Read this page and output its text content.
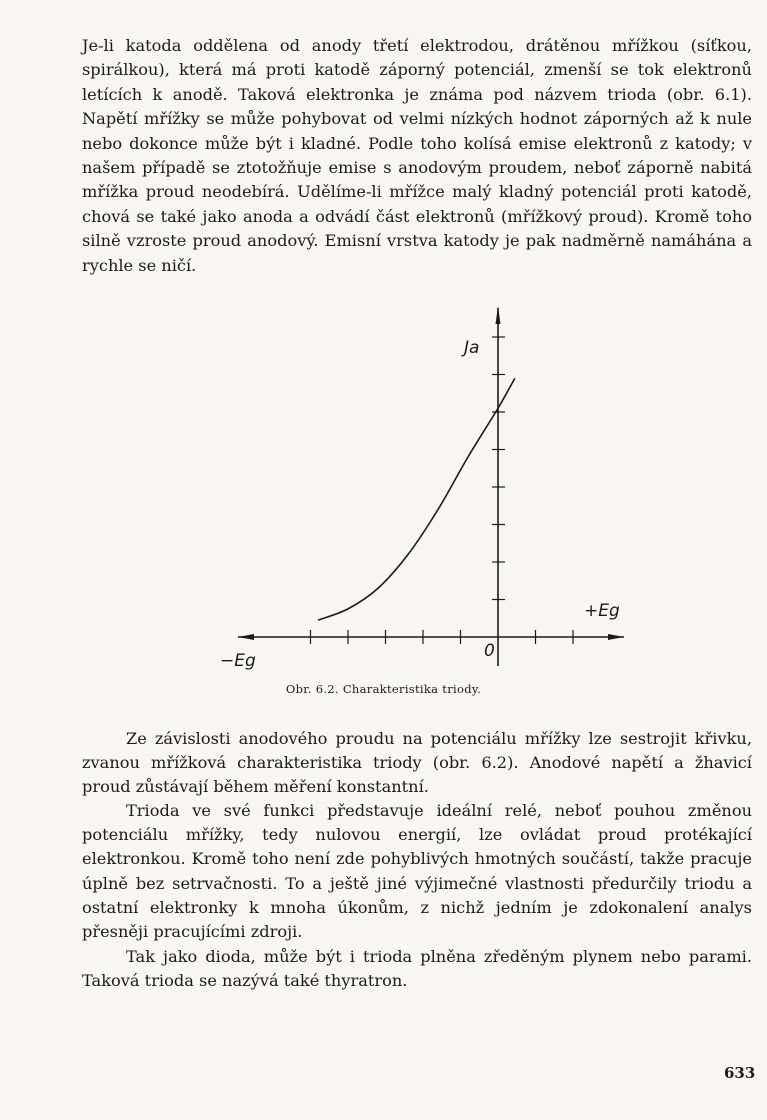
Je-li katoda oddělena od anody třetí elektrodou, drátěnou mřížkou (síťkou, spirálkou), která má proti katodě záporný potenciál, zmenší se tok elektronů letících k anodě. Taková elektronka je známa pod názvem trioda (obr. 6.1). Napětí mřížky se může pohybovat od velmi nízkých hodnot záporných až k nule nebo dokonce může být i kladné. Podle toho kolísá emise elektronů z katody; v našem případě se ztotožňuje emise s anodovým proudem, neboť záporně nabitá mřížka proud neodebírá. Udělíme-li mřížce malý kladný potenciál proti katodě, chová se také jako anoda a odvádí část elektronů (mřížkový proud). Kromě toho silně vzroste proud anodový. Emisní vrstva katody je pak nadměrně namáhána a rychle se ničí.

Ja
+Eg
−Eg	0
Obr. 6.2. Charakteristika triody.

Ze závislosti anodového proudu na potenciálu mřížky lze sestrojit křivku, zvanou mřížková charakteristika triody (obr. 6.2). Anodové napětí a žhavicí proud zůstávají během měření konstantní.

Trioda ve své funkci představuje ideální relé, neboť pouhou změnou potenciálu mřížky, tedy nulovou energií, lze ovládat proud protékající elektronkou. Kromě toho není zde pohyblivých hmotných součástí, takže pracuje úplně bez setrvačnosti. To a ještě jiné výjimečné vlastnosti předurčily triodu a ostatní elektronky k mnoha úkonům, z nichž jedním je zdokonalení analys přesněji pracujícími zdroji.

Tak jako dioda, může být i trioda plněna zředěným plynem nebo parami. Taková trioda se nazývá také thyratron.

633
